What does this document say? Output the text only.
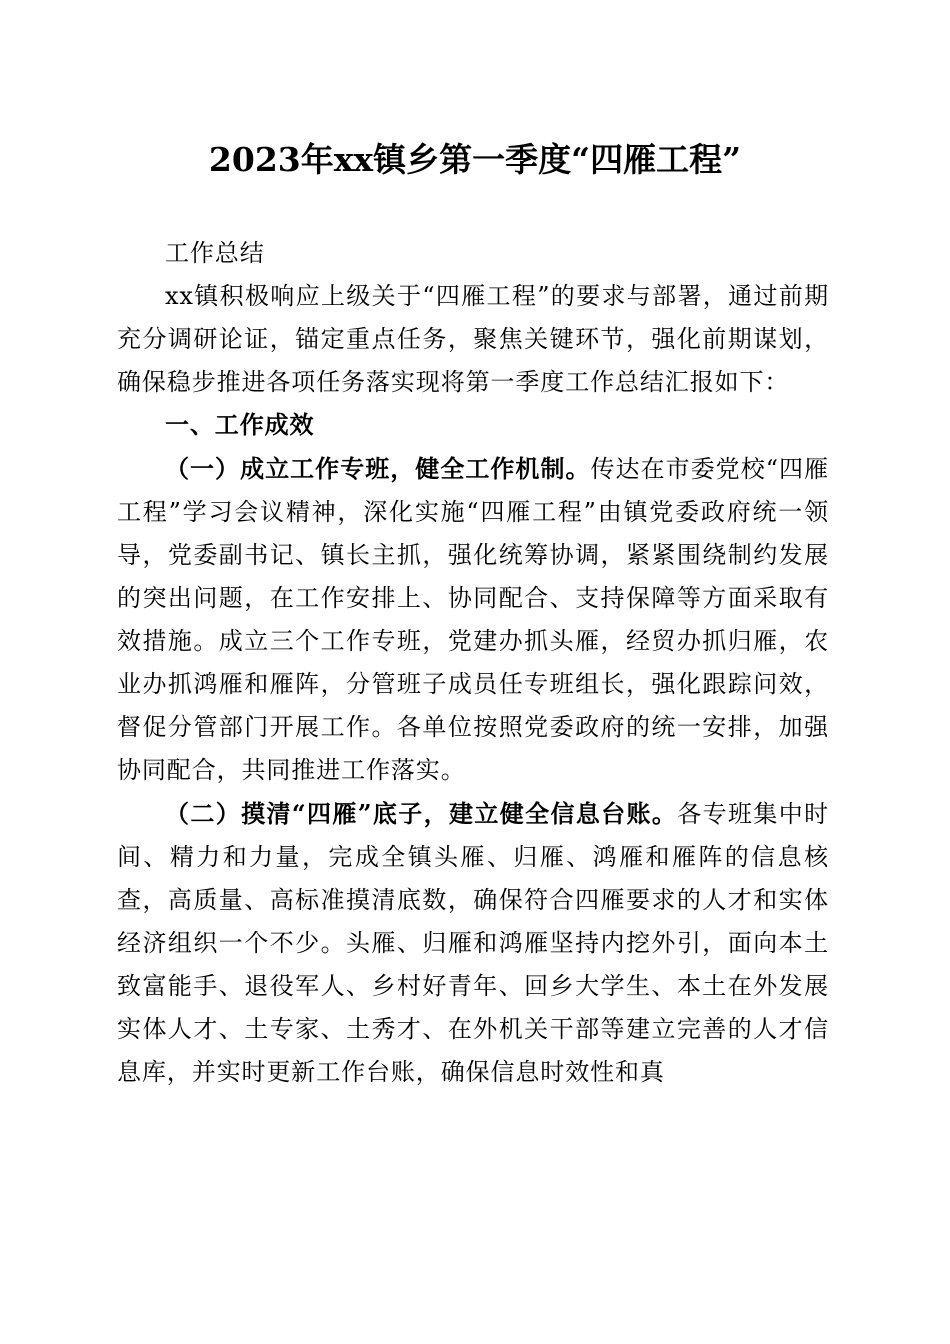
2023年xx镇乡第一季度“四雁工程”

工作总结

xx镇积极响应上级关于“四雁工程”的要求与部署，通过前期充分调研论证，锚定重点任务，聚焦关键环节，强化前期谋划，确保稳步推进各项任务落实现将第一季度工作总结汇报如下：

一、工作成效

（一）成立工作专班，健全工作机制。传达在市委党校“四雁工程”学习会议精神，深化实施“四雁工程”由镇党委政府统一领导，党委副书记、镇长主抓，强化统筹协调，紧紧围绕制约发展的突出问题，在工作安排上、协同配合、支持保障等方面采取有效措施。成立三个工作专班，党建办抓头雁，经贸办抓归雁，农业办抓鸿雁和雁阵，分管班子成员任专班组长，强化跟踪问效，督促分管部门开展工作。各单位按照党委政府的统一安排，加强协同配合，共同推进工作落实。

（二）摸清“四雁”底子，建立健全信息台账。各专班集中时间、精力和力量，完成全镇头雁、归雁、鸿雁和雁阵的信息核查，高质量、高标准摸清底数，确保符合四雁要求的人才和实体经济组织一个不少。头雁、归雁和鸿雁坚持内挖外引，面向本土致富能手、退役军人、乡村好青年、回乡大学生、本土在外发展实体人才、土专家、土秀才、在外机关干部等建立完善的人才信息库，并实时更新工作台账，确保信息时效性和真
